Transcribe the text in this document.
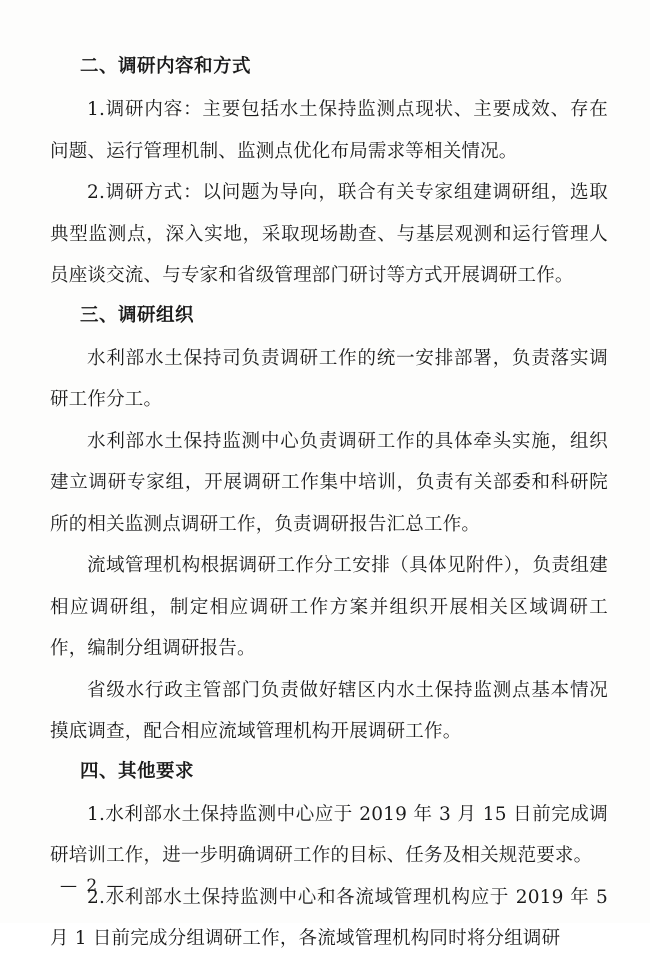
二、调研内容和方式

1.调研内容：主要包括水土保持监测点现状、主要成效、存在问题、运行管理机制、监测点优化布局需求等相关情况。

2.调研方式：以问题为导向，联合有关专家组建调研组，选取典型监测点，深入实地，采取现场勘查、与基层观测和运行管理人员座谈交流、与专家和省级管理部门研讨等方式开展调研工作。

三、调研组织

水利部水土保持司负责调研工作的统一安排部署，负责落实调研工作分工。

水利部水土保持监测中心负责调研工作的具体牵头实施，组织建立调研专家组，开展调研工作集中培训，负责有关部委和科研院所的相关监测点调研工作，负责调研报告汇总工作。

流域管理机构根据调研工作分工安排（具体见附件），负责组建相应调研组，制定相应调研工作方案并组织开展相关区域调研工作，编制分组调研报告。

省级水行政主管部门负责做好辖区内水土保持监测点基本情况摸底调查，配合相应流域管理机构开展调研工作。

四、其他要求

1.水利部水土保持监测中心应于 2019 年 3 月 15 日前完成调研培训工作，进一步明确调研工作的目标、任务及相关规范要求。

2.水利部水土保持监测中心和各流域管理机构应于 2019 年 5 月 1 日前完成分组调研工作，各流域管理机构同时将分组调研

— 2 —
